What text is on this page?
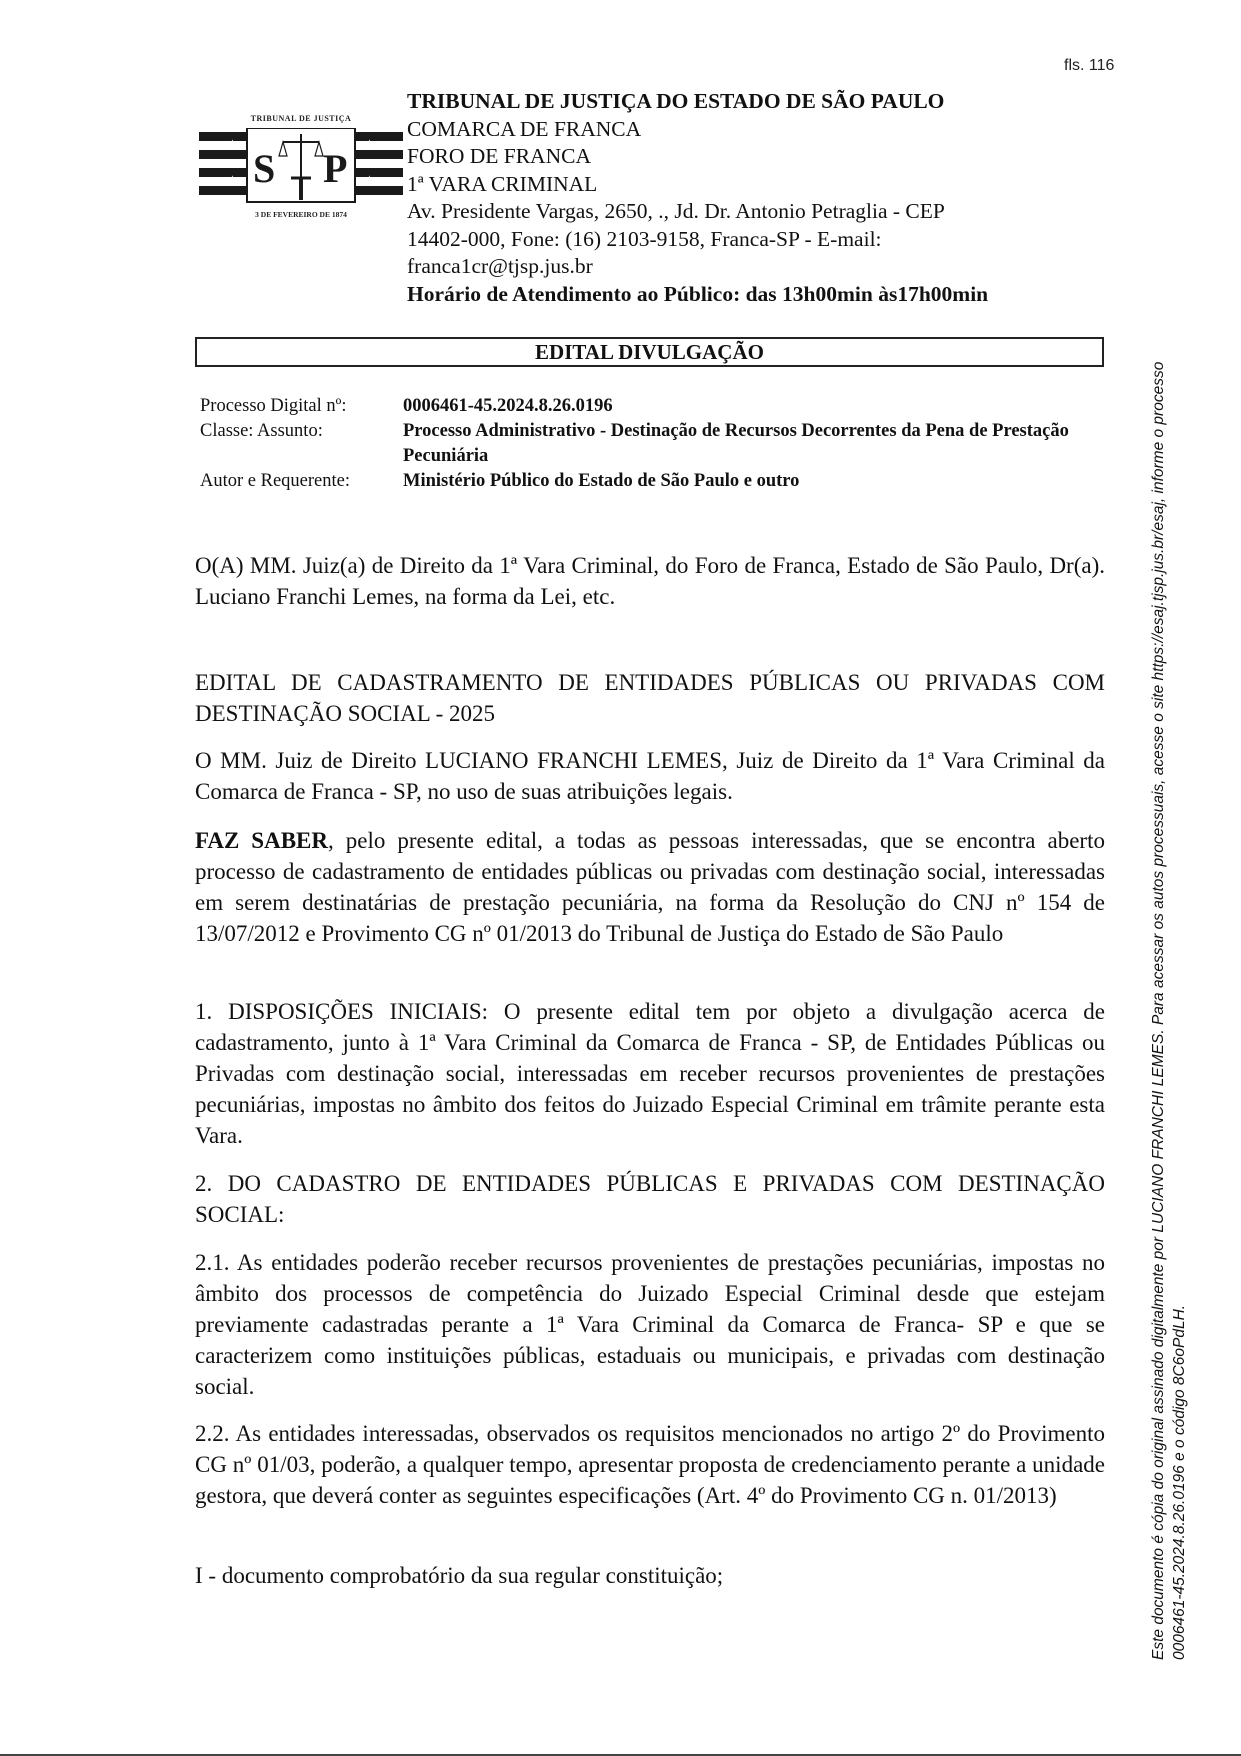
fls. 116
TRIBUNAL DE JUSTIÇA
★	★
★	★
S P
3 DE FEVEREIRO DE 1874
TRIBUNAL DE JUSTIÇA DO ESTADO DE SÃO PAULO
COMARCA DE FRANCA
FORO DE FRANCA
1ª VARA CRIMINAL
Av. Presidente Vargas, 2650, ., Jd. Dr. Antonio Petraglia - CEP
14402-000, Fone: (16) 2103-9158, Franca-SP - E-mail:
franca1cr@tjsp.jus.br
Horário de Atendimento ao Público: das 13h00min às17h00min
EDITAL DIVULGAÇÃO
Processo Digital nº:	0006461-45.2024.8.26.0196
Classe: Assunto:	Processo Administrativo - Destinação de Recursos Decorrentes da Pena de Prestação Pecuniária
Autor e Requerente:	Ministério Público do Estado de São Paulo e outro
O(A) MM. Juiz(a) de Direito da 1ª Vara Criminal, do Foro de Franca, Estado de São Paulo, Dr(a). Luciano Franchi Lemes, na forma da Lei, etc.
EDITAL DE CADASTRAMENTO DE ENTIDADES PÚBLICAS OU PRIVADAS COM DESTINAÇÃO SOCIAL - 2025
O MM. Juiz de Direito LUCIANO FRANCHI LEMES, Juiz de Direito da 1ª Vara Criminal da Comarca de Franca - SP, no uso de suas atribuições legais.
FAZ SABER, pelo presente edital, a todas as pessoas interessadas, que se encontra aberto processo de cadastramento de entidades públicas ou privadas com destinação social, interessadas em serem destinatárias de prestação pecuniária, na forma da Resolução do CNJ nº 154 de 13/07/2012 e Provimento CG nº 01/2013 do Tribunal de Justiça do Estado de São Paulo
1. DISPOSIÇÕES INICIAIS: O presente edital tem por objeto a divulgação acerca de cadastramento, junto à 1ª Vara Criminal da Comarca de Franca - SP, de Entidades Públicas ou Privadas com destinação social, interessadas em receber recursos provenientes de prestações pecuniárias, impostas no âmbito dos feitos do Juizado Especial Criminal em trâmite perante esta Vara.
2. DO CADASTRO DE ENTIDADES PÚBLICAS E PRIVADAS COM DESTINAÇÃO SOCIAL:
2.1. As entidades poderão receber recursos provenientes de prestações pecuniárias, impostas no âmbito dos processos de competência do Juizado Especial Criminal desde que estejam previamente cadastradas perante a 1ª Vara Criminal da Comarca de Franca- SP e que se caracterizem como instituições públicas, estaduais ou municipais, e privadas com destinação social.
2.2. As entidades interessadas, observados os requisitos mencionados no artigo 2º do Provimento CG nº 01/03, poderão, a qualquer tempo, apresentar proposta de credenciamento perante a unidade gestora, que deverá conter as seguintes especificações (Art. 4º do Provimento CG n. 01/2013)
I - documento comprobatório da sua regular constituição;	Este documento é cópia do original assinado digitalmente por LUCIANO FRANCHI LEMES. Para acessar os autos processuais, acesse o site https://esaj.tjsp.jus.br/esaj, informe o processo 0006461-45.2024.8.26.0196 e o código 8C6oPdLH.
